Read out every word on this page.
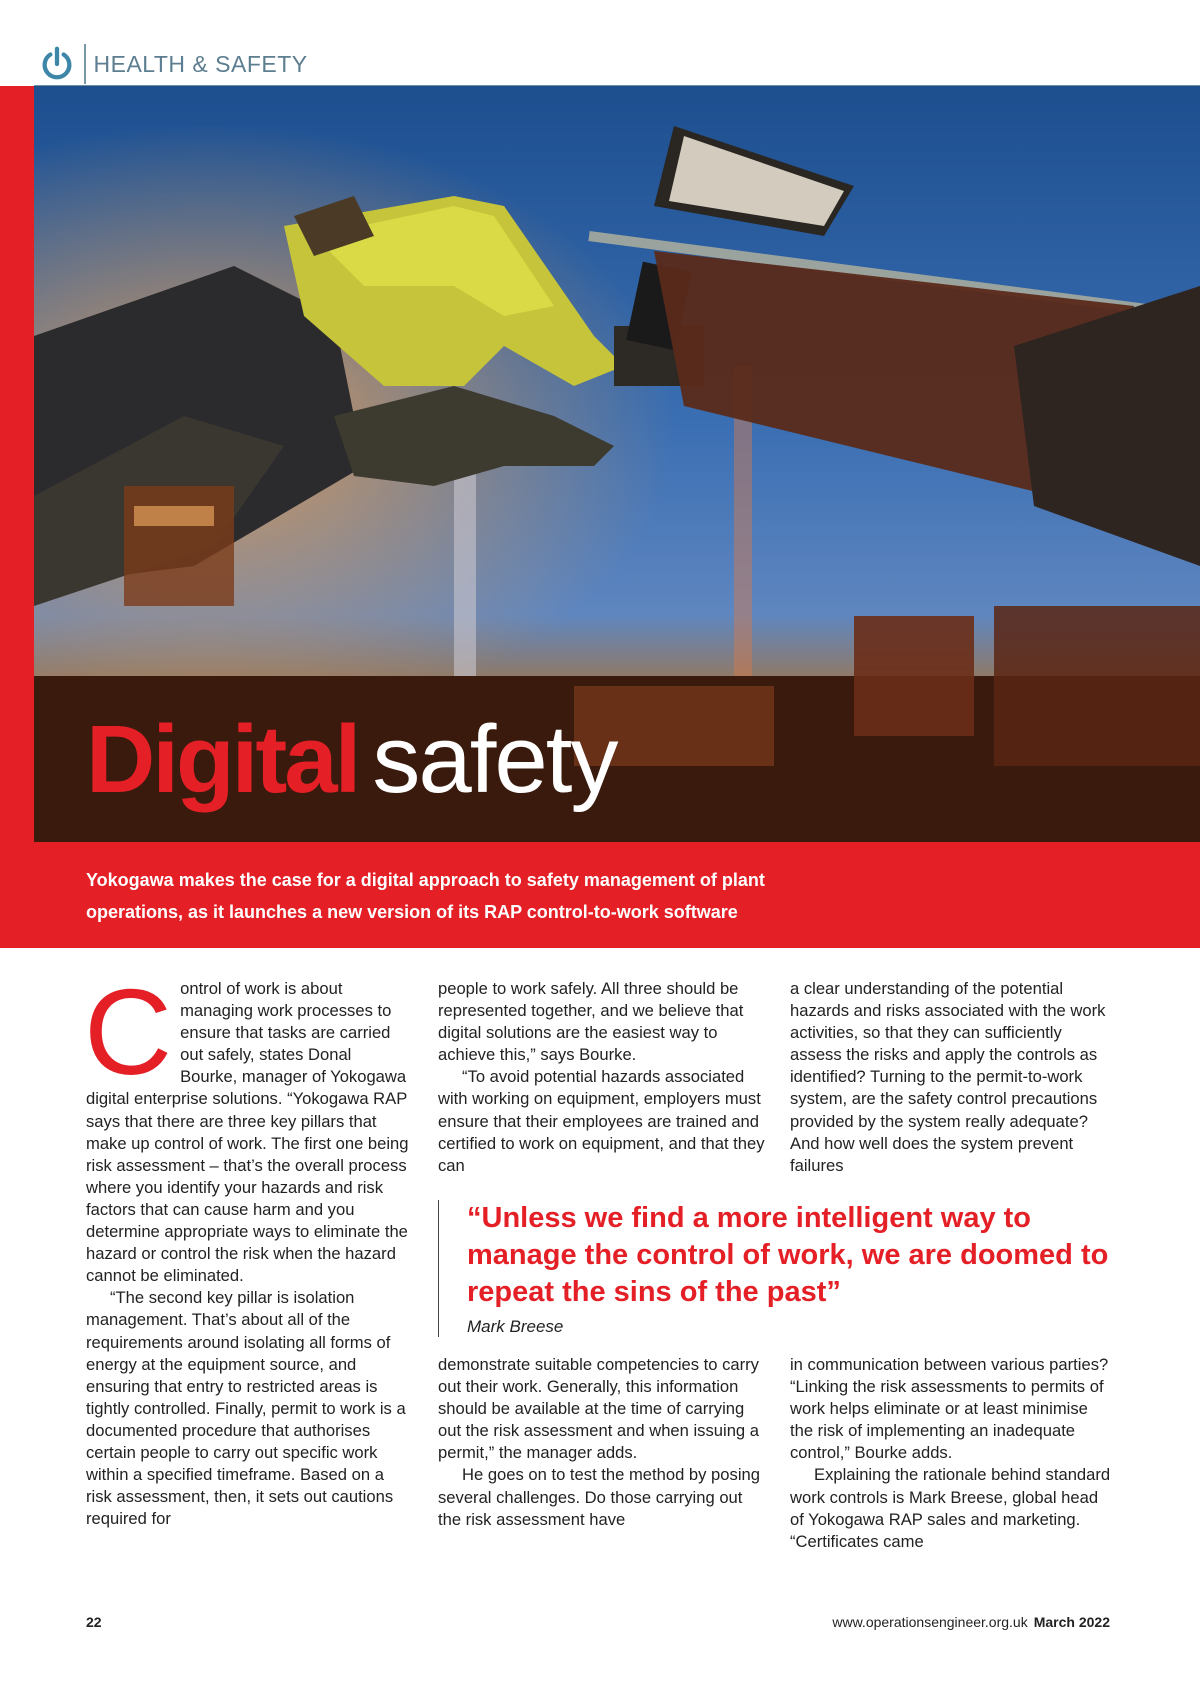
HEALTH & SAFETY
Digital safety

Yokogawa makes the case for a digital approach to safety management of plant operations, as it launches a new version of its RAP control-to-work software

C ontrol of work is about managing work processes to ensure that tasks are carried out safely, states Donal Bourke, manager of Yokogawa digital enterprise solutions. “Yokogawa RAP says that there are three key pillars that make up control of work. The first one being risk assessment – that’s the overall process where you identify your hazards and risk factors that can cause harm and you determine appropriate ways to eliminate the hazard or control the risk when the hazard cannot be eliminated.

“The second key pillar is isolation management. That’s about all of the requirements around isolating all forms of energy at the equipment source, and ensuring that entry to restricted areas is tightly controlled. Finally, permit to work is a documented procedure that authorises certain people to carry out specific work within a specified timeframe. Based on a risk assessment, then, it sets out cautions required for

people to work safely. All three should be represented together, and we believe that digital solutions are the easiest way to achieve this,” says Bourke.

“To avoid potential hazards associated with working on equipment, employers must ensure that their employees are trained and certified to work on equipment, and that they can

a clear understanding of the potential hazards and risks associated with the work activities, so that they can sufficiently assess the risks and apply the controls as identified? Turning to the permit-to-work system, are the safety control precautions provided by the system really adequate? And how well does the system prevent failures

“Unless we find a more intelligent way to manage the control of work, we are doomed to repeat the sins of the past”

Mark Breese

demonstrate suitable competencies to carry out their work. Generally, this information should be available at the time of carrying out the risk assessment and when issuing a permit,” the manager adds.

He goes on to test the method by posing several challenges. Do those carrying out the risk assessment have

in communication between various parties? “Linking the risk assessments to permits of work helps eliminate or at least minimise the risk of implementing an inadequate control,” Bourke adds.

Explaining the rationale behind standard work controls is Mark Breese, global head of Yokogawa RAP sales and marketing. “Certificates came

22	www.operationsengineer.org.uk March 2022
